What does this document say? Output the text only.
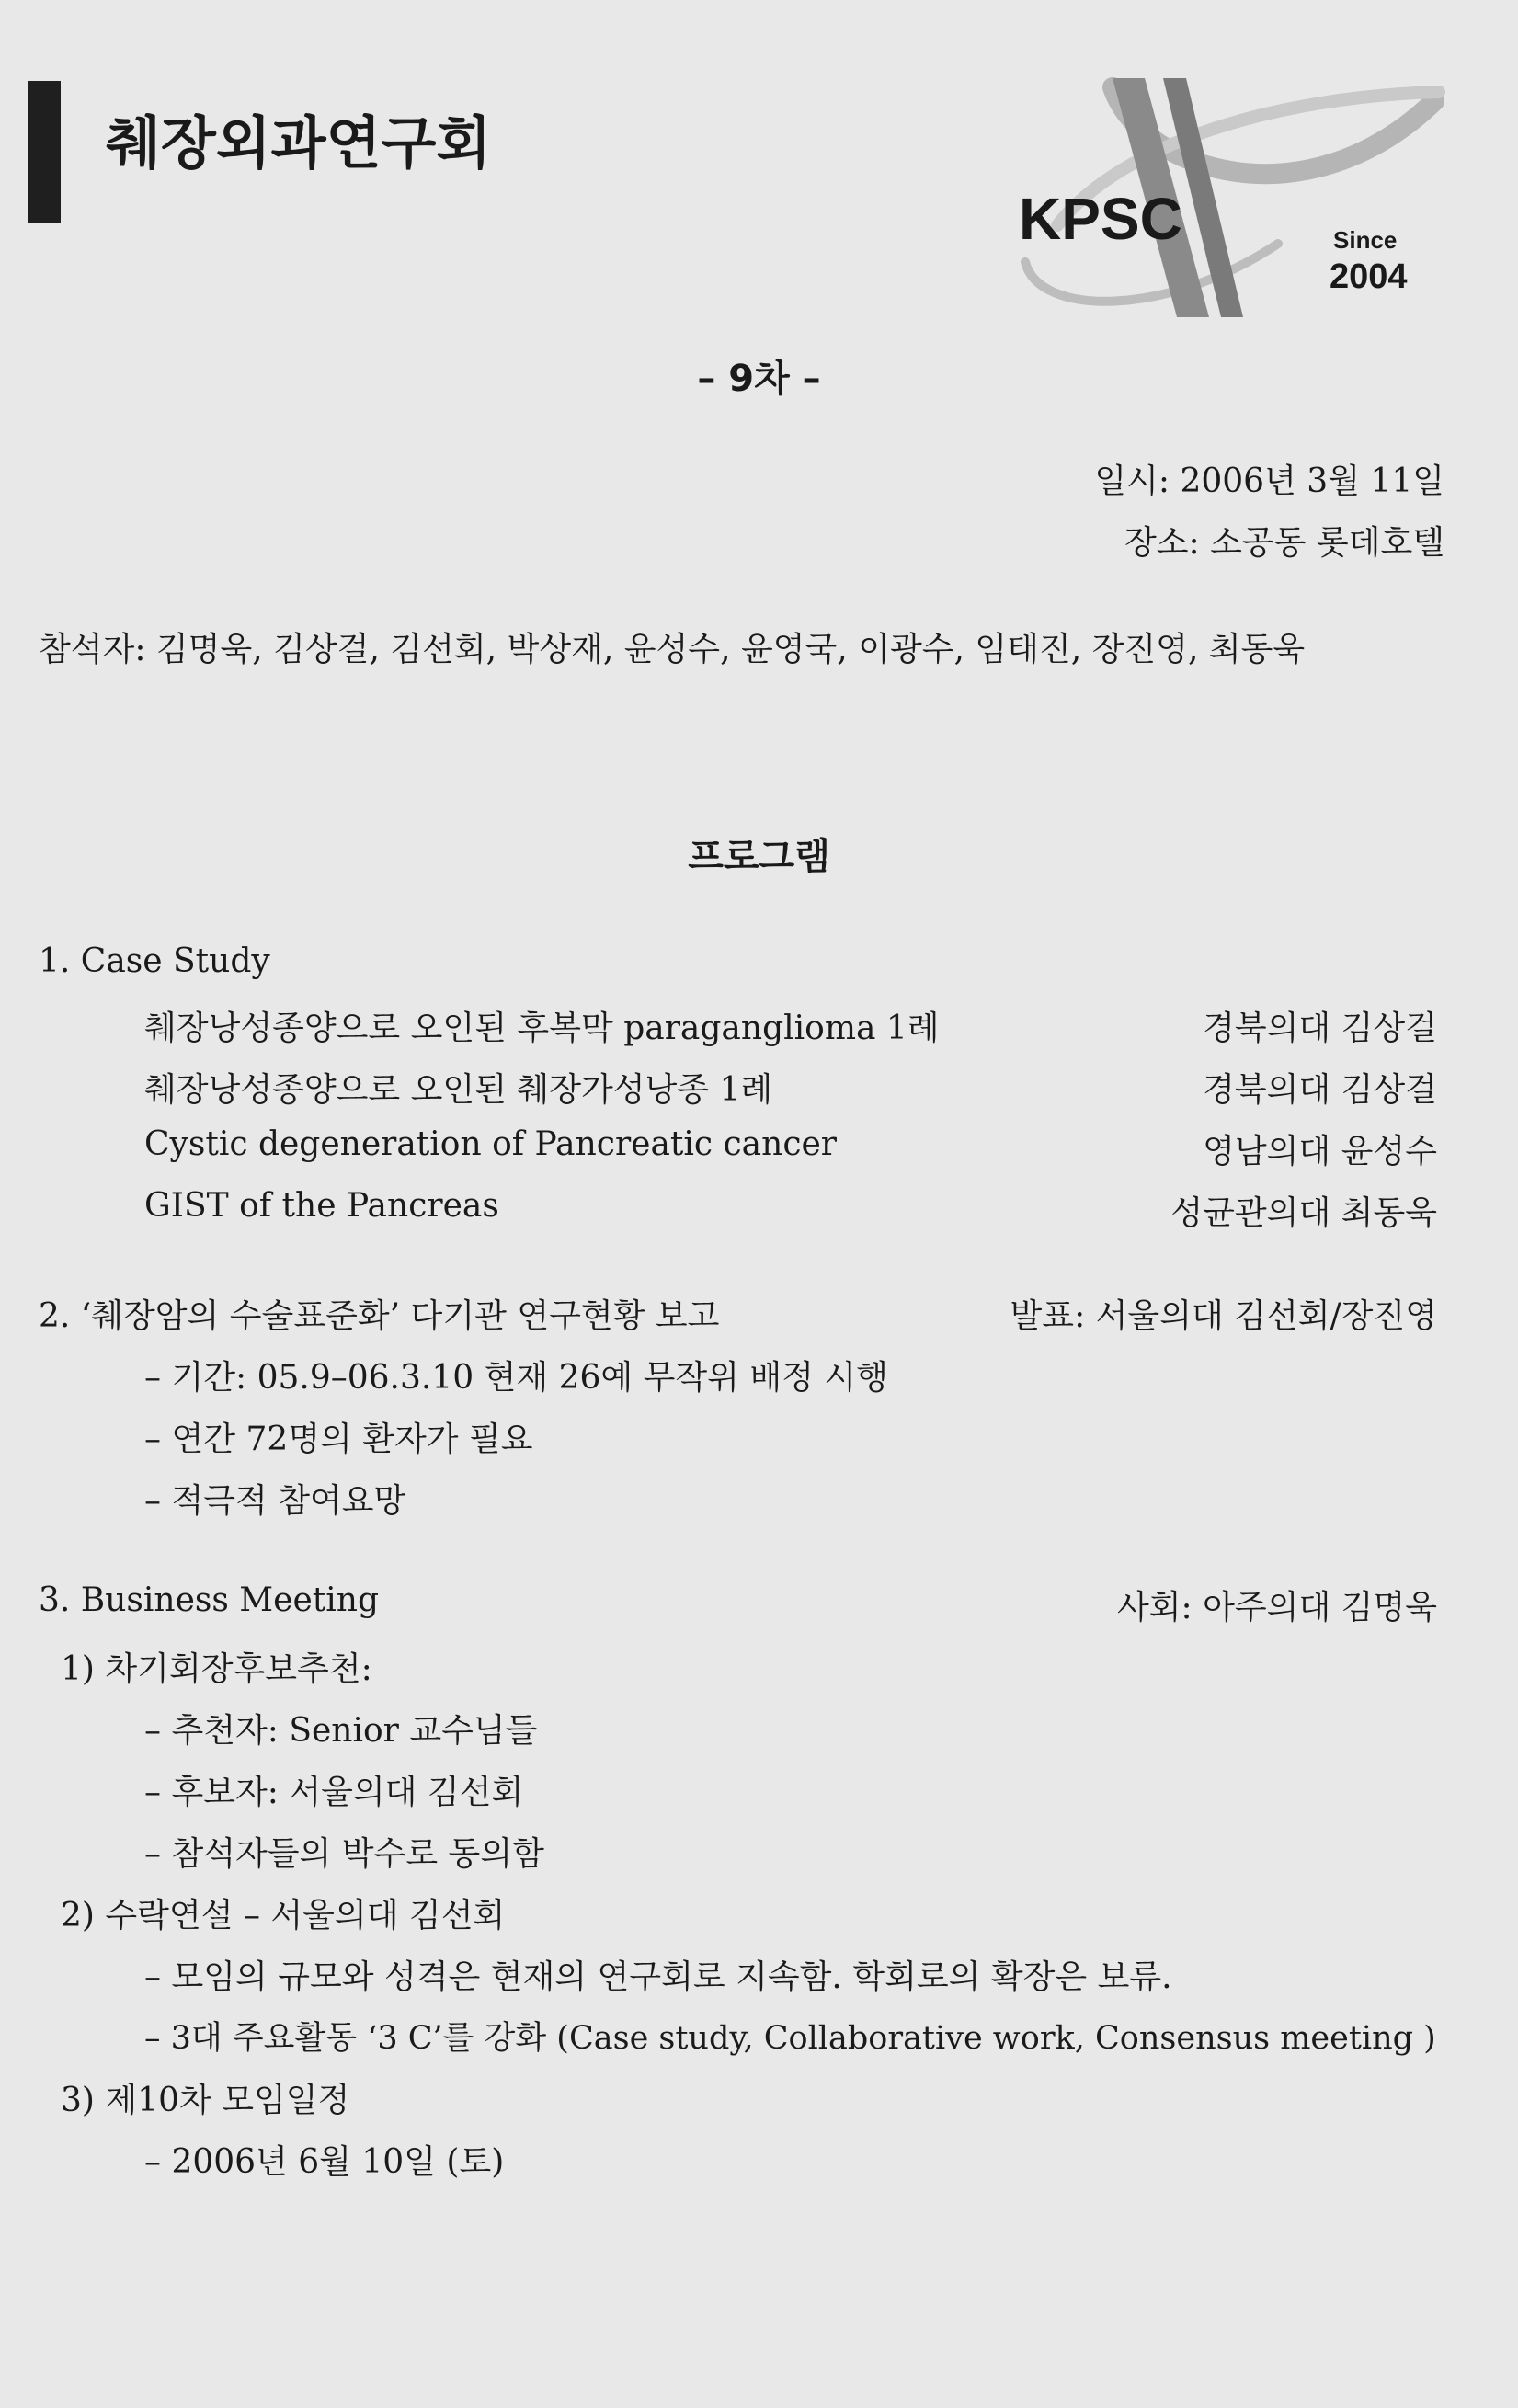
췌장외과연구회
KPSC	Since
2004
– 9차 –
일시: 2006년 3월 11일
장소: 소공동 롯데호텔
참석자: 김명욱, 김상걸, 김선회, 박상재, 윤성수, 윤영국, 이광수, 임태진, 장진영, 최동욱
프로그램
1. Case Study
췌장낭성종양으로 오인된 후복막 paraganglioma 1례	경북의대 김상걸
췌장낭성종양으로 오인된 췌장가성낭종 1례	경북의대 김상걸
Cystic degeneration of Pancreatic cancer	영남의대 윤성수
GIST of the Pancreas	성균관의대 최동욱
2. ‘췌장암의 수술표준화’ 다기관 연구현황 보고	발표: 서울의대 김선회/장진영
– 기간: 05.9–06.3.10 현재 26예 무작위 배정 시행
– 연간 72명의 환자가 필요
– 적극적 참여요망
3. Business Meeting	사회: 아주의대 김명욱
1) 차기회장후보추천:
– 추천자: Senior 교수님들
– 후보자: 서울의대 김선회
– 참석자들의 박수로 동의함
2) 수락연설 – 서울의대 김선회
– 모임의 규모와 성격은 현재의 연구회로 지속함. 학회로의 확장은 보류.
– 3대 주요활동 ‘3 C’를 강화 (Case study, Collaborative work, Consensus meeting )
3) 제10차 모임일정
– 2006년 6월 10일 (토)
